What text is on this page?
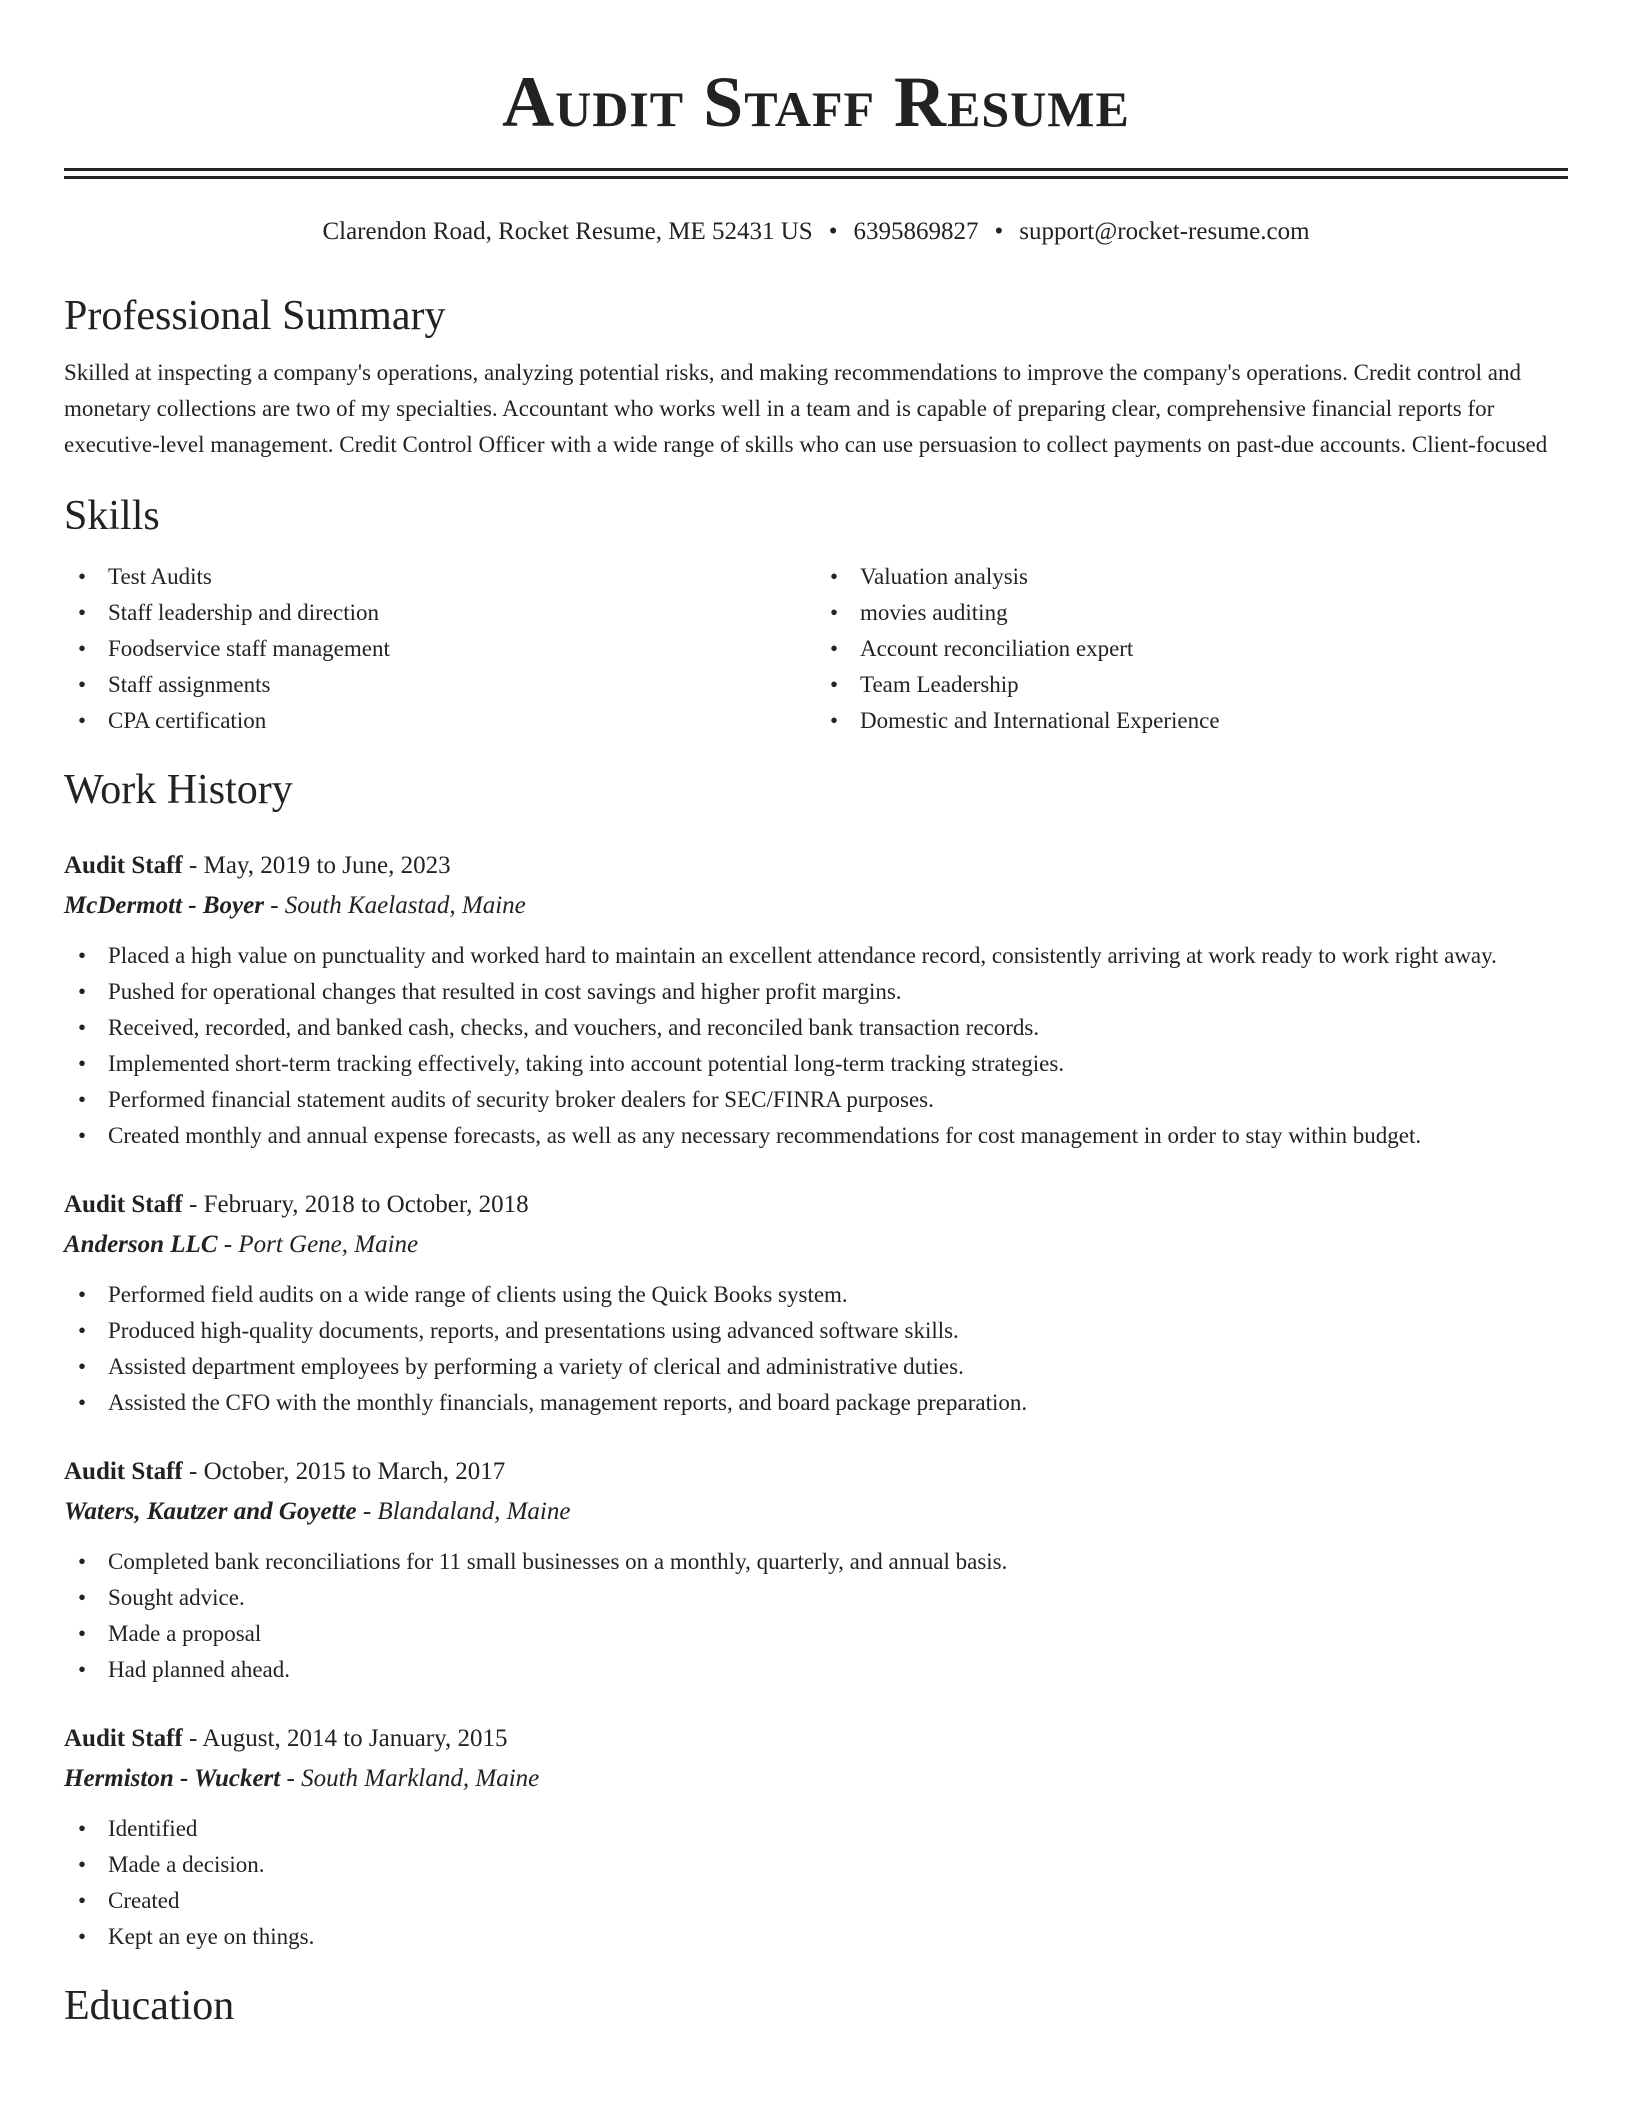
Audit Staff Resume
Clarendon Road, Rocket Resume, ME 52431 US • 6395869827 • support@rocket-resume.com
Professional Summary

Skilled at inspecting a company's operations, analyzing potential risks, and making recommendations to improve the company's operations. Credit control and monetary collections are two of my specialties. Accountant who works well in a team and is capable of preparing clear, comprehensive financial reports for executive-level management. Credit Control Officer with a wide range of skills who can use persuasion to collect payments on past-due accounts. Client-focused

Skills
• Test Audits
• Staff leadership and direction
• Foodservice staff management
• Staff assignments
• CPA certification
• Valuation analysis
• movies auditing
• Account reconciliation expert
• Team Leadership
• Domestic and International Experience
Work History
Audit Staff - May, 2019 to June, 2023
McDermott - Boyer - South Kaelastad, Maine
• Placed a high value on punctuality and worked hard to maintain an excellent attendance record, consistently arriving at work ready to work right away.
• Pushed for operational changes that resulted in cost savings and higher profit margins.
• Received, recorded, and banked cash, checks, and vouchers, and reconciled bank transaction records.
• Implemented short-term tracking effectively, taking into account potential long-term tracking strategies.
• Performed financial statement audits of security broker dealers for SEC/FINRA purposes.
• Created monthly and annual expense forecasts, as well as any necessary recommendations for cost management in order to stay within budget.
Audit Staff - February, 2018 to October, 2018
Anderson LLC - Port Gene, Maine
• Performed field audits on a wide range of clients using the Quick Books system.
• Produced high-quality documents, reports, and presentations using advanced software skills.
• Assisted department employees by performing a variety of clerical and administrative duties.
• Assisted the CFO with the monthly financials, management reports, and board package preparation.
Audit Staff - October, 2015 to March, 2017
Waters, Kautzer and Goyette - Blandaland, Maine
• Completed bank reconciliations for 11 small businesses on a monthly, quarterly, and annual basis.
• Sought advice.
• Made a proposal
• Had planned ahead.
Audit Staff - August, 2014 to January, 2015
Hermiston - Wuckert - South Markland, Maine
• Identified
• Made a decision.
• Created
• Kept an eye on things.
Education
